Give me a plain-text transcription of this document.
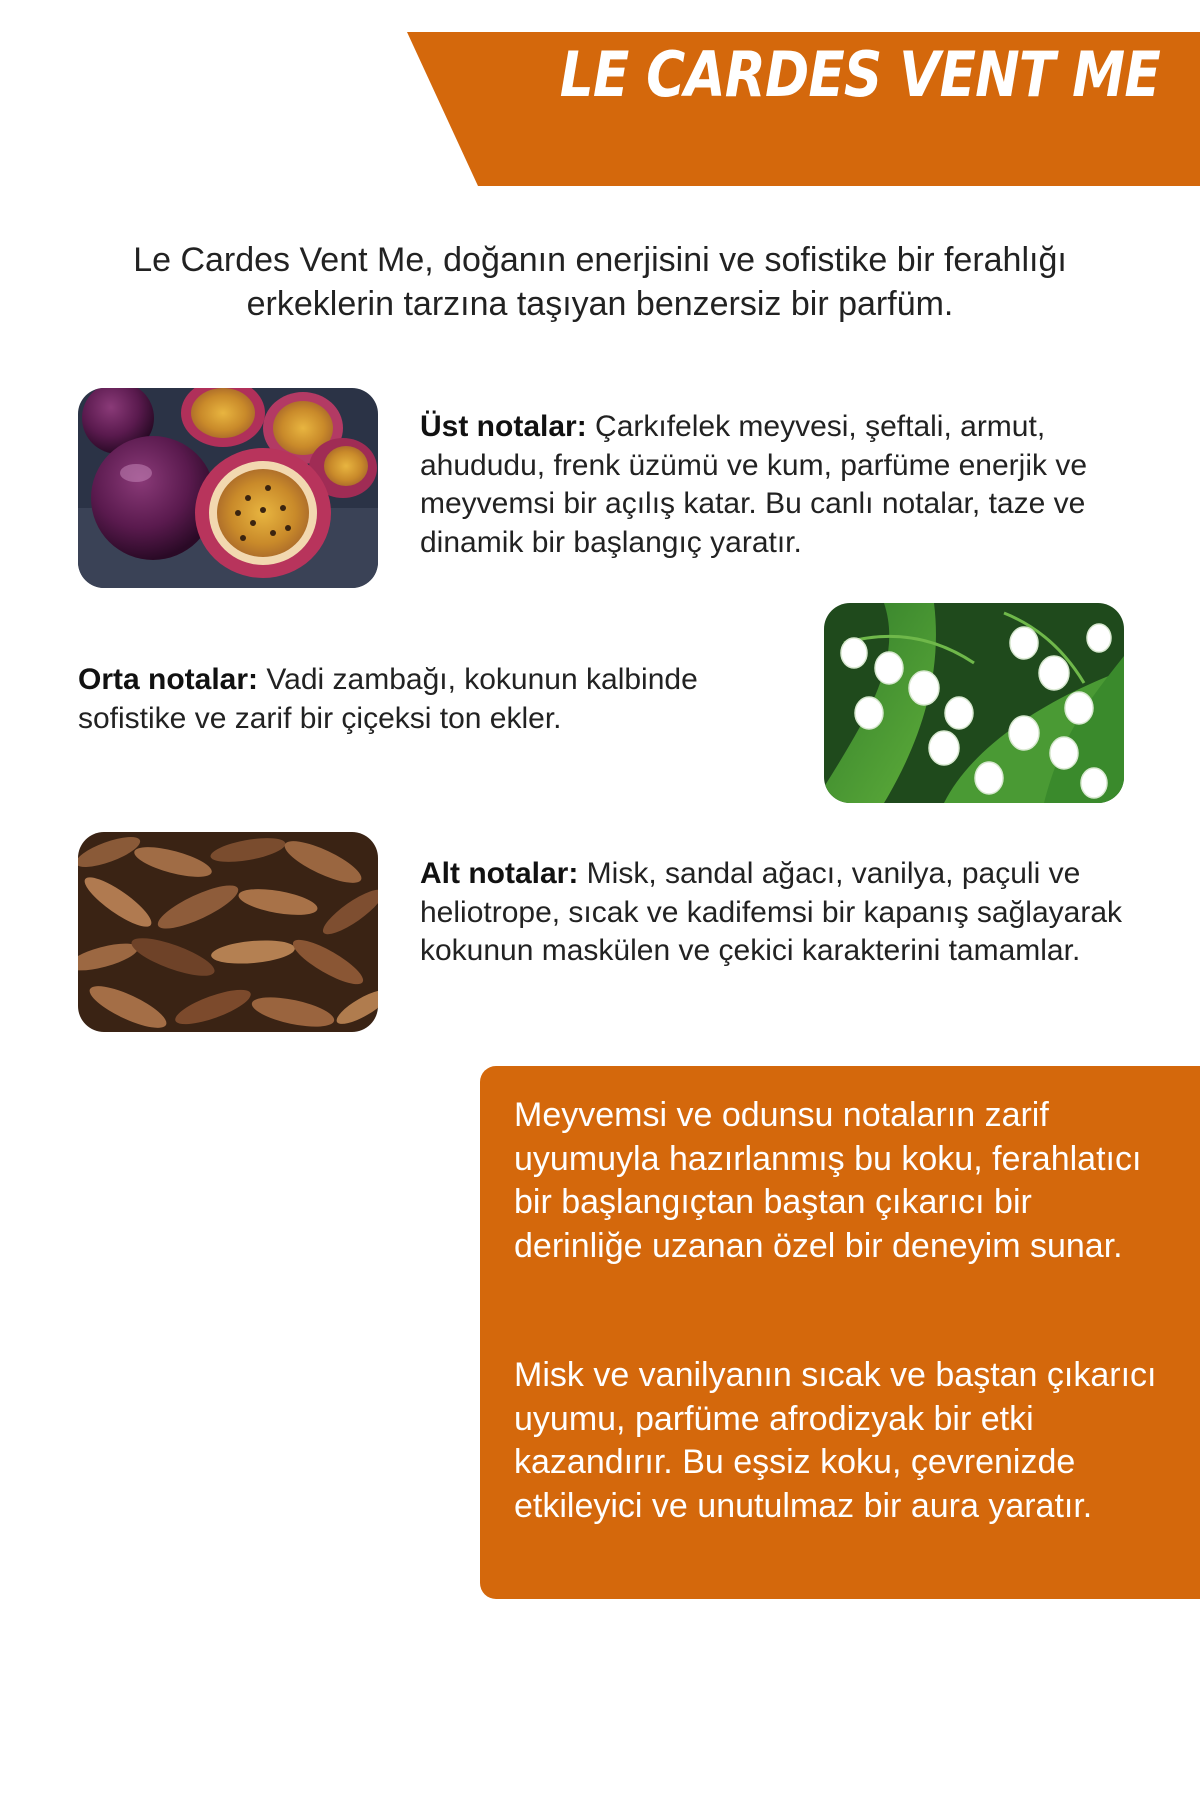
LE CARDES VENT ME
Le Cardes Vent Me, doğanın enerjisini ve sofistike bir ferahlığı erkeklerin tarzına taşıyan benzersiz bir parfüm.
Üst notalar: Çarkıfelek meyvesi, şeftali, armut, ahududu, frenk üzümü ve kum, parfüme enerjik ve meyvemsi bir açılış katar. Bu canlı notalar, taze ve dinamik bir başlangıç yaratır.
Orta notalar: Vadi zambağı, kokunun kalbinde sofistike ve zarif bir çiçeksi ton ekler.
Alt notalar: Misk, sandal ağacı, vanilya, paçuli ve heliotrope, sıcak ve kadifemsi bir kapanış sağlayarak kokunun maskülen ve çekici karakterini tamamlar.
Meyvemsi ve odunsu notaların zarif uyumuyla hazırlanmış bu koku, ferahlatıcı bir başlangıçtan baştan çıkarıcı bir derinliğe uzanan özel bir deneyim sunar.
Misk ve vanilyanın sıcak ve baştan çıkarıcı uyumu, parfüme afrodizyak bir etki kazandırır. Bu eşsiz koku, çevrenizde etkileyici ve unutulmaz bir aura yaratır.
